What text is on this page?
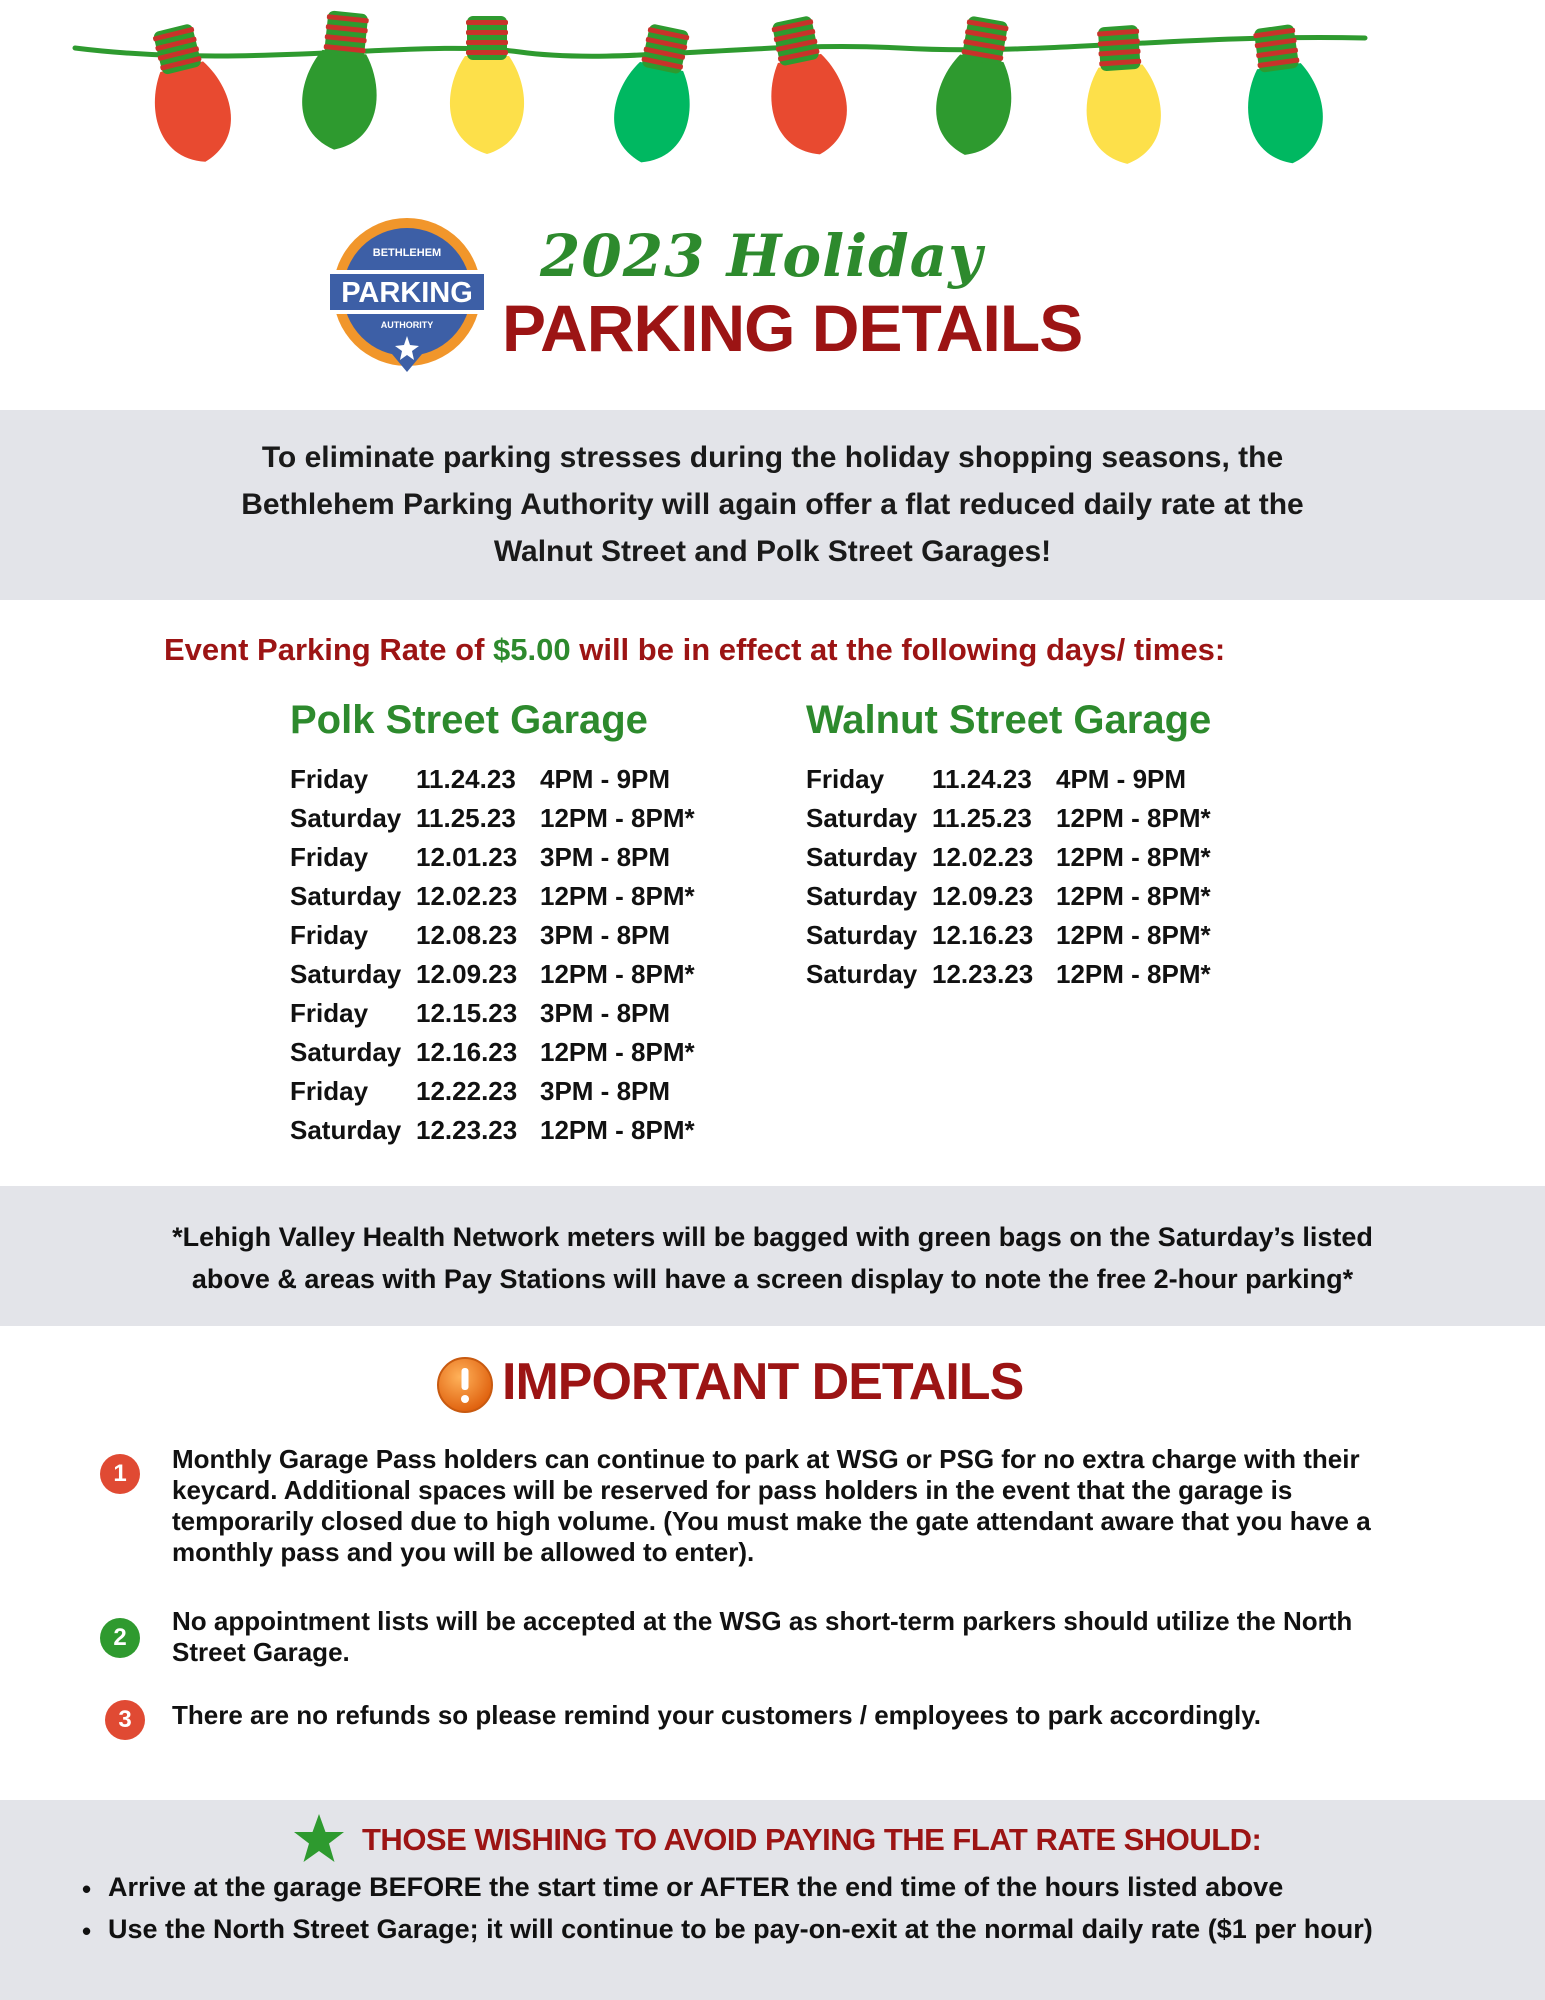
BETHLEHEM
PARKING
AUTHORITY
2023 Holiday
PARKING DETAILS
To eliminate parking stresses during the holiday shopping seasons, the
Bethlehem Parking Authority will again offer a flat reduced daily rate at the
Walnut Street and Polk Street Garages!
Event Parking Rate of $5.00 will be in effect at the following days/ times:
Polk Street Garage
Friday 11.24.23 4PM - 9PM
Saturday 11.25.23 12PM - 8PM*
Friday 12.01.23 3PM - 8PM
Saturday 12.02.23 12PM - 8PM*
Friday 12.08.23 3PM - 8PM
Saturday 12.09.23 12PM - 8PM*
Friday 12.15.23 3PM - 8PM
Saturday 12.16.23 12PM - 8PM*
Friday 12.22.23 3PM - 8PM
Saturday 12.23.23 12PM - 8PM*
Walnut Street Garage
Friday 11.24.23 4PM - 9PM
Saturday 11.25.23 12PM - 8PM*
Saturday 12.02.23 12PM - 8PM*
Saturday 12.09.23 12PM - 8PM*
Saturday 12.16.23 12PM - 8PM*
Saturday 12.23.23 12PM - 8PM*
*Lehigh Valley Health Network meters will be bagged with green bags on the Saturday’s listed
above & areas with Pay Stations will have a screen display to note the free 2-hour parking*
IMPORTANT DETAILS
1	Monthly Garage Pass holders can continue to park at WSG or PSG for no extra charge with their keycard. Additional spaces will be reserved for pass holders in the event that the garage is temporarily closed due to high volume. (You must make the gate attendant aware that you have a monthly pass and you will be allowed to enter).
2
No appointment lists will be accepted at the WSG as short-term parkers should utilize the North Street Garage.
3	There are no refunds so please remind your customers / employees to park accordingly.
THOSE WISHING TO AVOID PAYING THE FLAT RATE SHOULD:
• Arrive at the garage BEFORE the start time or AFTER the end time of the hours listed above
• Use the North Street Garage; it will continue to be pay-on-exit at the normal daily rate ($1 per hour)
